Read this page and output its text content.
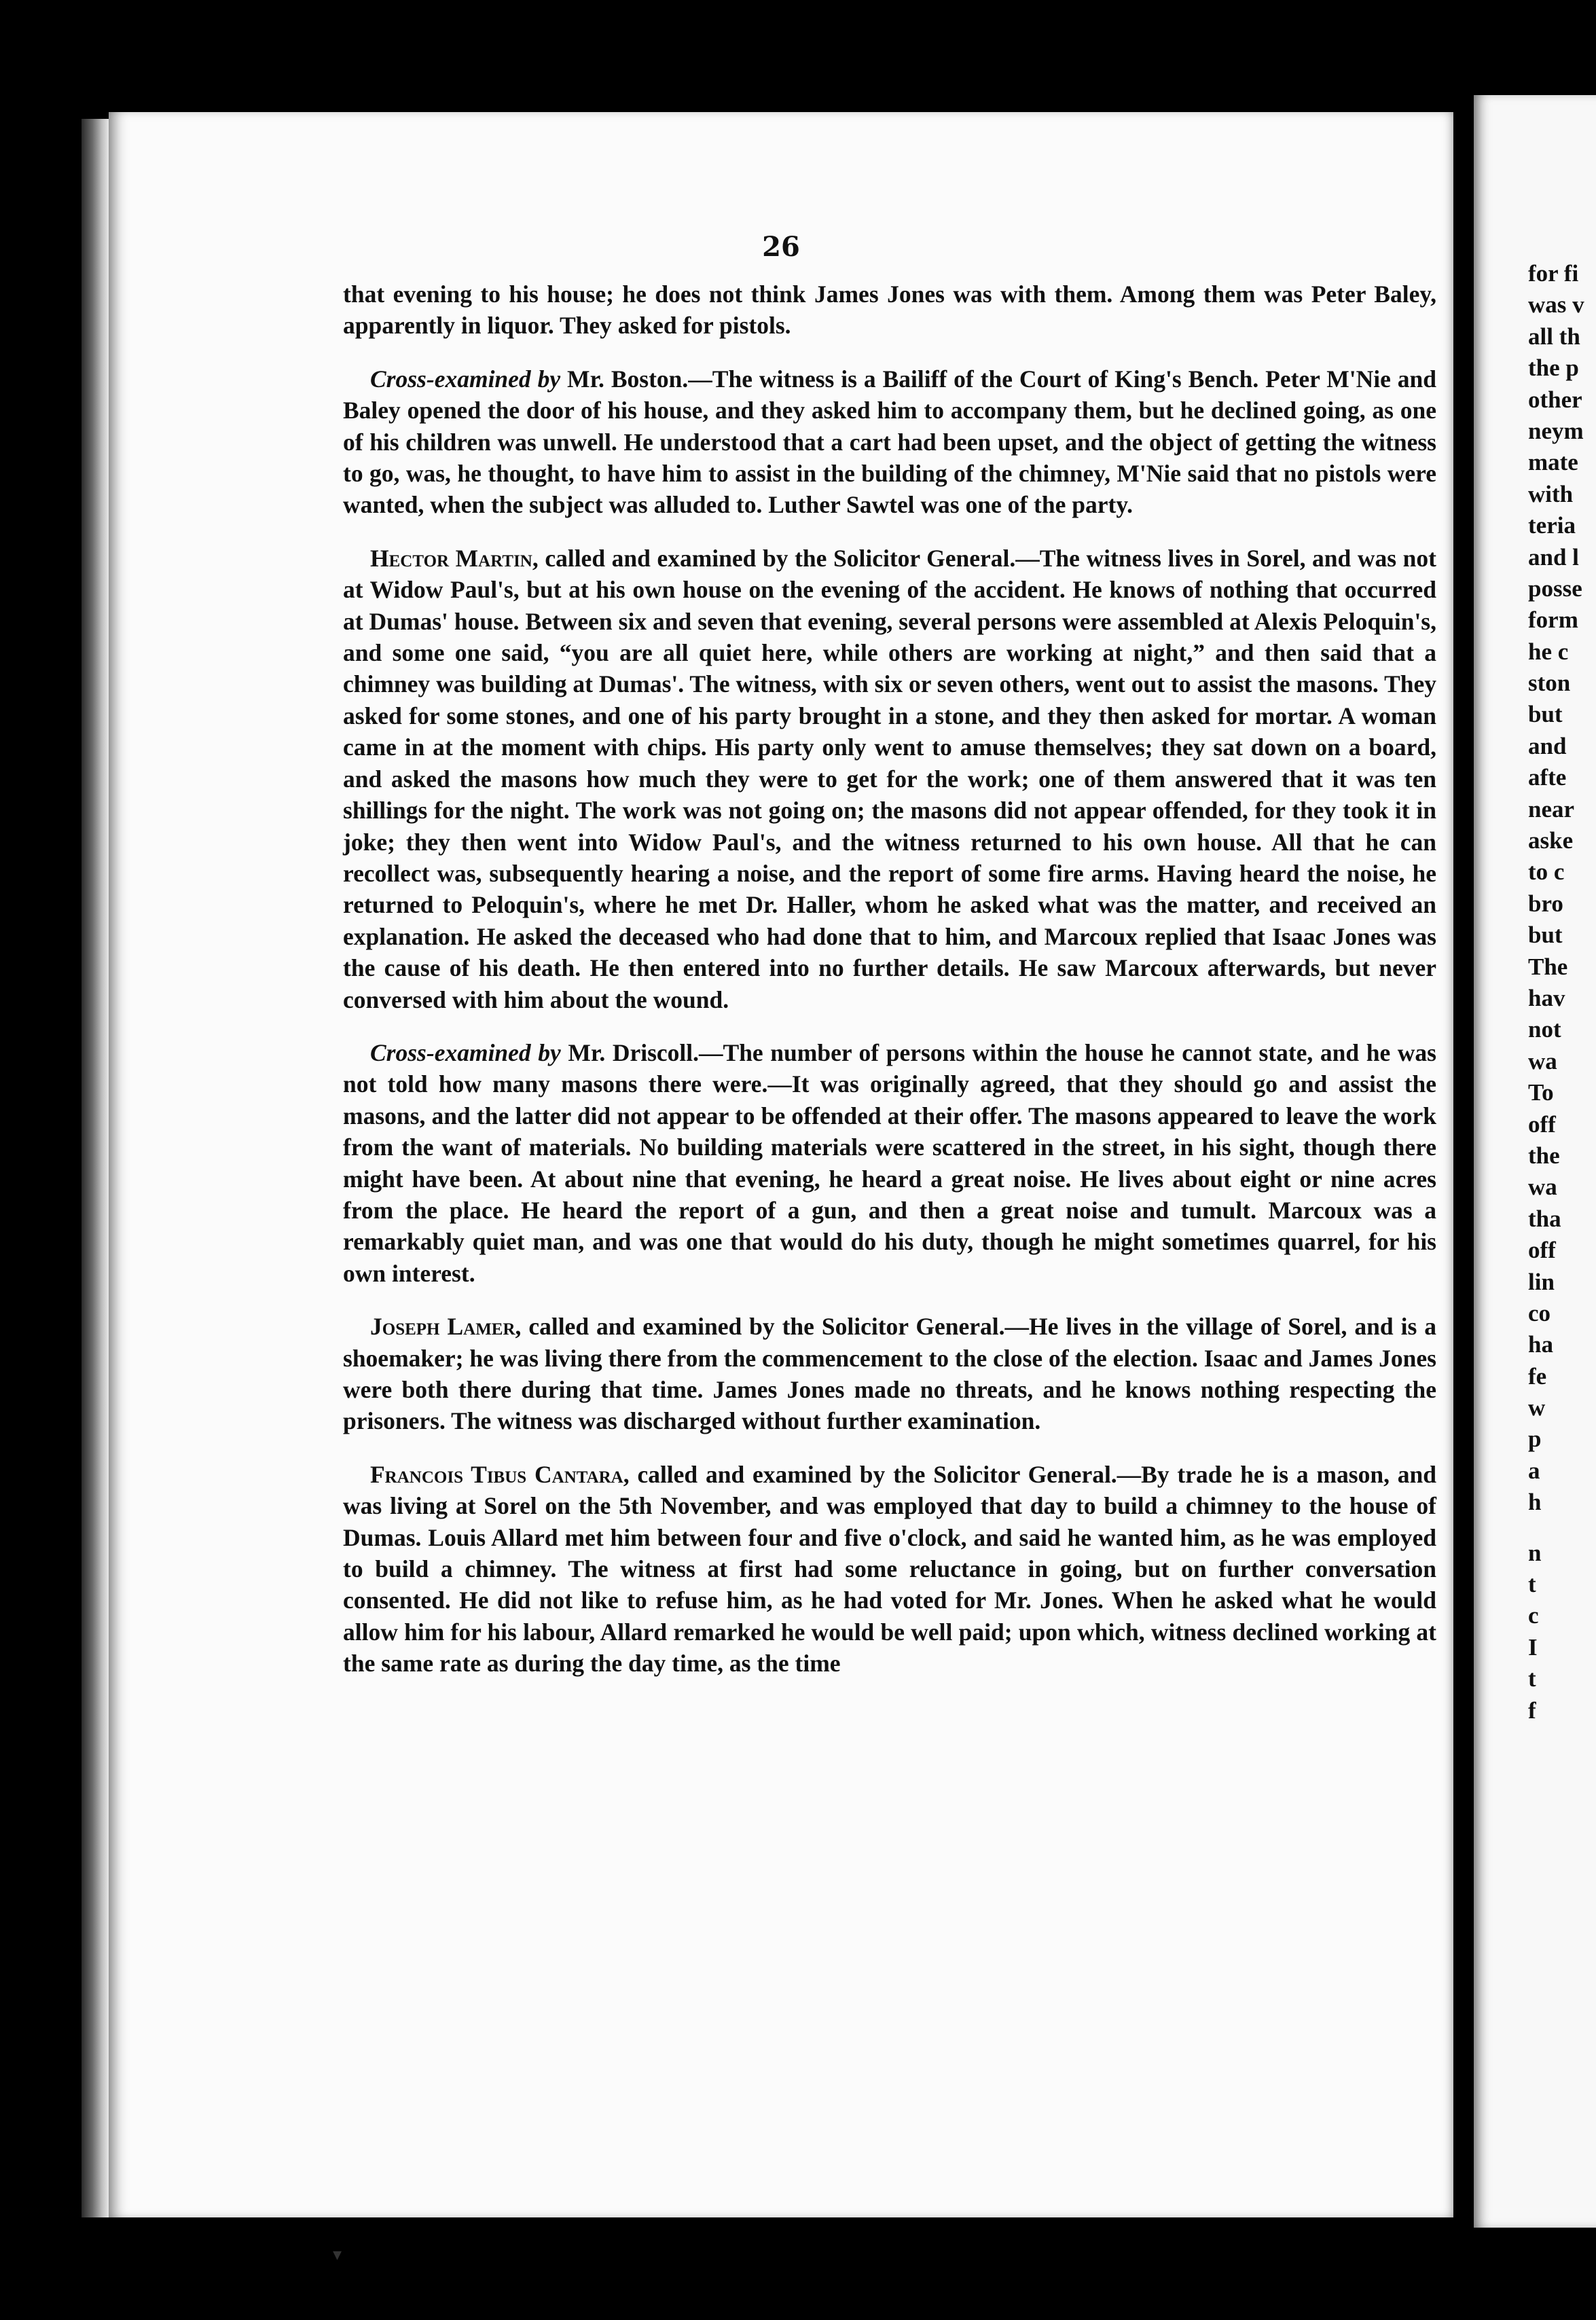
26

that evening to his house; he does not think James Jones was with them. Among them was Peter Baley, apparently in liquor. They asked for pistols.

Cross-examined by Mr. Boston.—The witness is a Bailiff of the Court of King's Bench. Peter M'Nie and Baley opened the door of his house, and they asked him to accompany them, but he declined going, as one of his children was unwell. He understood that a cart had been upset, and the object of getting the witness to go, was, he thought, to have him to assist in the building of the chimney, M'Nie said that no pistols were wanted, when the subject was alluded to. Luther Sawtel was one of the party.

Hector Martin, called and examined by the Solicitor General.—The witness lives in Sorel, and was not at Widow Paul's, but at his own house on the evening of the accident. He knows of nothing that occurred at Dumas' house. Between six and seven that evening, several persons were assembled at Alexis Peloquin's, and some one said, “you are all quiet here, while others are working at night,” and then said that a chimney was building at Dumas'. The witness, with six or seven others, went out to assist the masons. They asked for some stones, and one of his party brought in a stone, and they then asked for mortar. A woman came in at the moment with chips. His party only went to amuse themselves; they sat down on a board, and asked the masons how much they were to get for the work; one of them answered that it was ten shillings for the night. The work was not going on; the masons did not appear offended, for they took it in joke; they then went into Widow Paul's, and the witness returned to his own house. All that he can recollect was, subsequently hearing a noise, and the report of some fire arms. Having heard the noise, he returned to Peloquin's, where he met Dr. Haller, whom he asked what was the matter, and received an explanation. He asked the deceased who had done that to him, and Marcoux replied that Isaac Jones was the cause of his death. He then entered into no further details. He saw Marcoux afterwards, but never conversed with him about the wound.

Cross-examined by Mr. Driscoll.—The number of persons within the house he cannot state, and he was not told how many masons there were.—It was originally agreed, that they should go and assist the masons, and the latter did not appear to be offended at their offer. The masons appeared to leave the work from the want of materials. No building materials were scattered in the street, in his sight, though there might have been. At about nine that evening, he heard a great noise. He lives about eight or nine acres from the place. He heard the report of a gun, and then a great noise and tumult. Marcoux was a remarkably quiet man, and was one that would do his duty, though he might sometimes quarrel, for his own interest.

Joseph Lamer, called and examined by the Solicitor General.—He lives in the village of Sorel, and is a shoemaker; he was living there from the commencement to the close of the election. Isaac and James Jones were both there during that time. James Jones made no threats, and he knows nothing respecting the prisoners. The witness was discharged without further examination.

Francois Tibus Cantara, called and examined by the Solicitor General.—By trade he is a mason, and was living at Sorel on the 5th November, and was employed that day to build a chimney to the house of Dumas. Louis Allard met him between four and five o'clock, and said he wanted him, as he was employed to build a chimney. The witness at first had some reluctance in going, but on further conversation consented. He did not like to refuse him, as he had voted for Mr. Jones. When he asked what he would allow him for his labour, Allard remarked he would be well paid; upon which, witness declined working at the same rate as during the day time, as the time

▾
for fi
was v
all th
the p
other
neym
mate
with
teria
and l
posse
form
he c
ston
but
and
afte
near
aske
to c
bro
but
The
hav
not
wa
To
off
the
wa
tha
off
lin
co
ha
fe
w
p
a
h
n
t
c
I
t
f
